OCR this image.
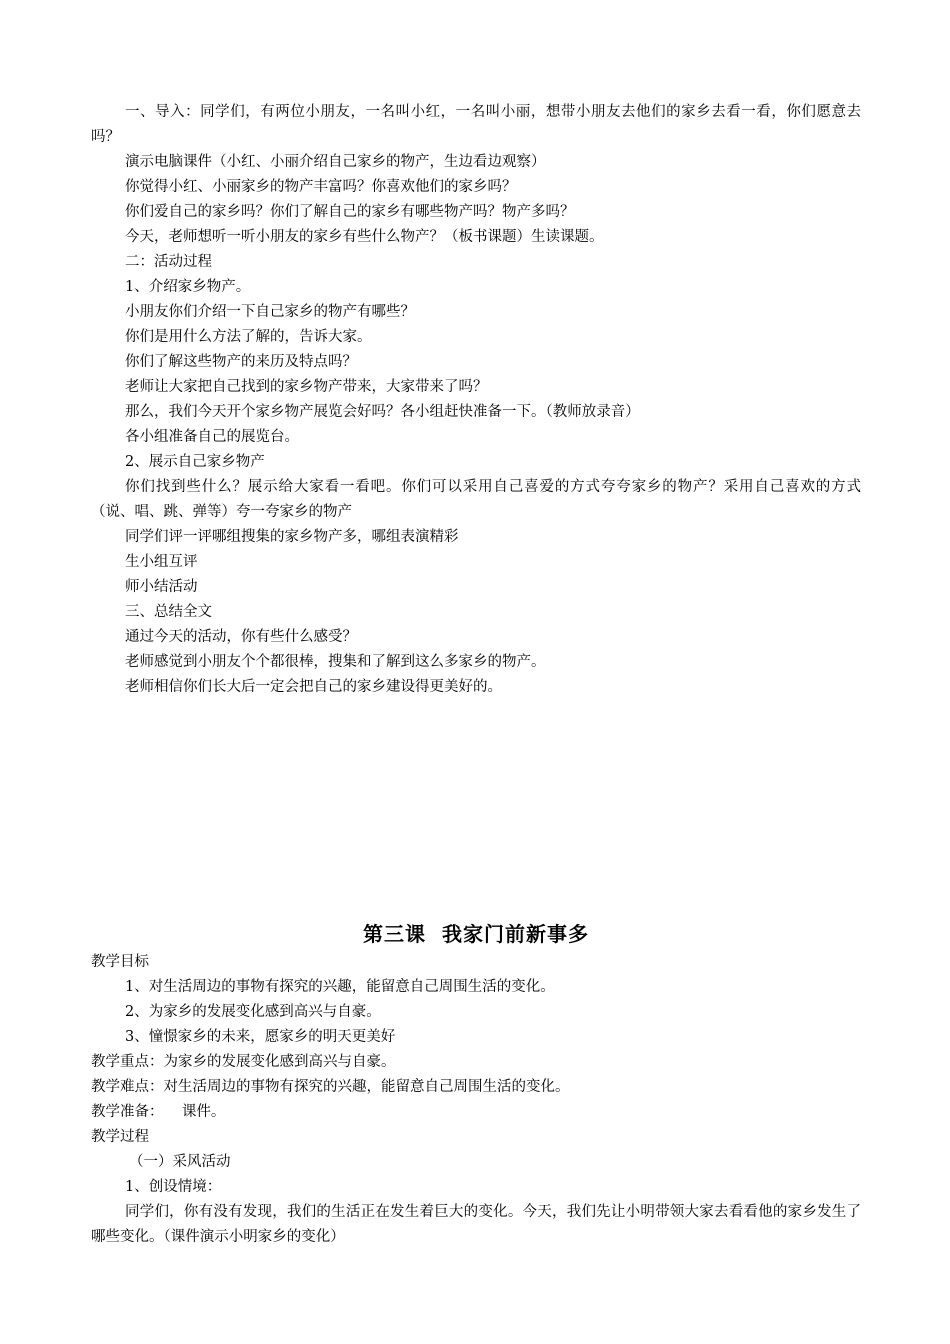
一、导入：同学们，有两位小朋友，一名叫小红，一名叫小丽，想带小朋友去他们的家乡去看一看，你们愿意去吗？

演示电脑课件（小红、小丽介绍自己家乡的物产，生边看边观察）

你觉得小红、小丽家乡的物产丰富吗？你喜欢他们的家乡吗？

你们爱自己的家乡吗？你们了解自己的家乡有哪些物产吗？物产多吗？

今天，老师想听一听小朋友的家乡有些什么物产？（板书课题）生读课题。

二：活动过程

1、介绍家乡物产。

小朋友你们介绍一下自己家乡的物产有哪些？

你们是用什么方法了解的，告诉大家。

你们了解这些物产的来历及特点吗？

老师让大家把自己找到的家乡物产带来，大家带来了吗？

那么，我们今天开个家乡物产展览会好吗？各小组赶快准备一下。（教师放录音）

各小组准备自己的展览台。

2、展示自己家乡物产

你们找到些什么？展示给大家看一看吧。你们可以采用自己喜爱的方式夸夸家乡的物产？采用自己喜欢的方式（说、唱、跳、弹等）夸一夸家乡的物产

同学们评一评哪组搜集的家乡物产多，哪组表演精彩

生小组互评

师小结活动

三、总结全文

通过今天的活动，你有些什么感受？

老师感觉到小朋友个个都很棒，搜集和了解到这么多家乡的物产。

老师相信你们长大后一定会把自己的家乡建设得更美好的。

第三课 我家门前新事多

教学目标

1、对生活周边的事物有探究的兴趣，能留意自己周围生活的变化。

2、为家乡的发展变化感到高兴与自豪。

3、憧憬家乡的未来，愿家乡的明天更美好

教学重点：为家乡的发展变化感到高兴与自豪。

教学难点：对生活周边的事物有探究的兴趣，能留意自己周围生活的变化。

教学准备：    课件。

教学过程

（一）采风活动

1、创设情境：

同学们，你有没有发现，我们的生活正在发生着巨大的变化。今天，我们先让小明带领大家去看看他的家乡发生了哪些变化。（课件演示小明家乡的变化）
